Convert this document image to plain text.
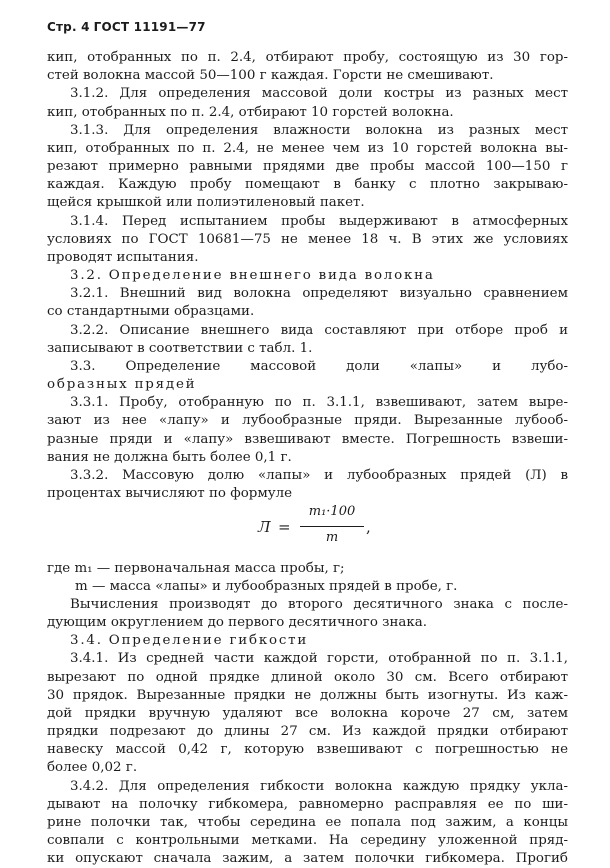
Стр. 4 ГОСТ 11191—77
кип, отобранных по п. 2.4, отбирают пробу, состоящую из 30 гор-
стей волокна массой 50—100 г каждая. Горсти не смешивают.
3.1.2. Для определения массовой доли костры из разных мест
кип, отобранных по п. 2.4, отбирают 10 горстей волокна.
3.1.3. Для определения влажности волокна из разных мест
кип, отобранных по п. 2.4, не менее чем из 10 горстей волокна вы-
резают примерно равными прядями две пробы массой 100—150 г
каждая. Каждую пробу помещают в банку с плотно закрываю-
щейся крышкой или полиэтиленовый пакет.
3.1.4. Перед испытанием пробы выдерживают в атмосферных
условиях по ГОСТ 10681—75 не менее 18 ч. В этих же условиях
проводят испытания.
3.2. Определение внешнего вида волокна
3.2.1. Внешний вид волокна определяют визуально сравнением
со стандартными образцами.
3.2.2. Описание внешнего вида составляют при отборе проб и
записывают в соответствии с табл. 1.
3.3. Определение массовой доли «лапы» и лубо-
образных прядей
3.3.1. Пробу, отобранную по п. 3.1.1, взвешивают, затем выре-
зают из нее «лапу» и лубообразные пряди. Вырезанные лубооб-
разные пряди и «лапу» взвешивают вместе. Погрешность взвеши-
вания не должна быть более 0,1 г.
3.3.2. Массовую долю «лапы» и лубообразных прядей (Л) в
процентах вычисляют по формуле
Л =
m₁·100
m
,
где m₁ — первоначальная масса пробы, г;
m — масса «лапы» и лубообразных прядей в пробе, г.
Вычисления производят до второго десятичного знака с после-
дующим округлением до первого десятичного знака.
3.4. Определение гибкости
3.4.1. Из средней части каждой горсти, отобранной по п. 3.1.1,
вырезают по одной прядке длиной около 30 см. Всего отбирают
30 прядок. Вырезанные прядки не должны быть изогнуты. Из каж-
дой прядки вручную удаляют все волокна короче 27 см, затем
прядки подрезают до длины 27 см. Из каждой прядки отбирают
навеску массой 0,42 г, которую взвешивают с погрешностью не
более 0,02 г.
3.4.2. Для определения гибкости волокна каждую прядку укла-
дывают на полочку гибкомера, равномерно расправляя ее по ши-
рине полочки так, чтобы середина ее попала под зажим, а концы
совпали с контрольными метками. На середину уложенной пряд-
ки опускают сначала зажим, а затем полочки гибкомера. Прогиб
